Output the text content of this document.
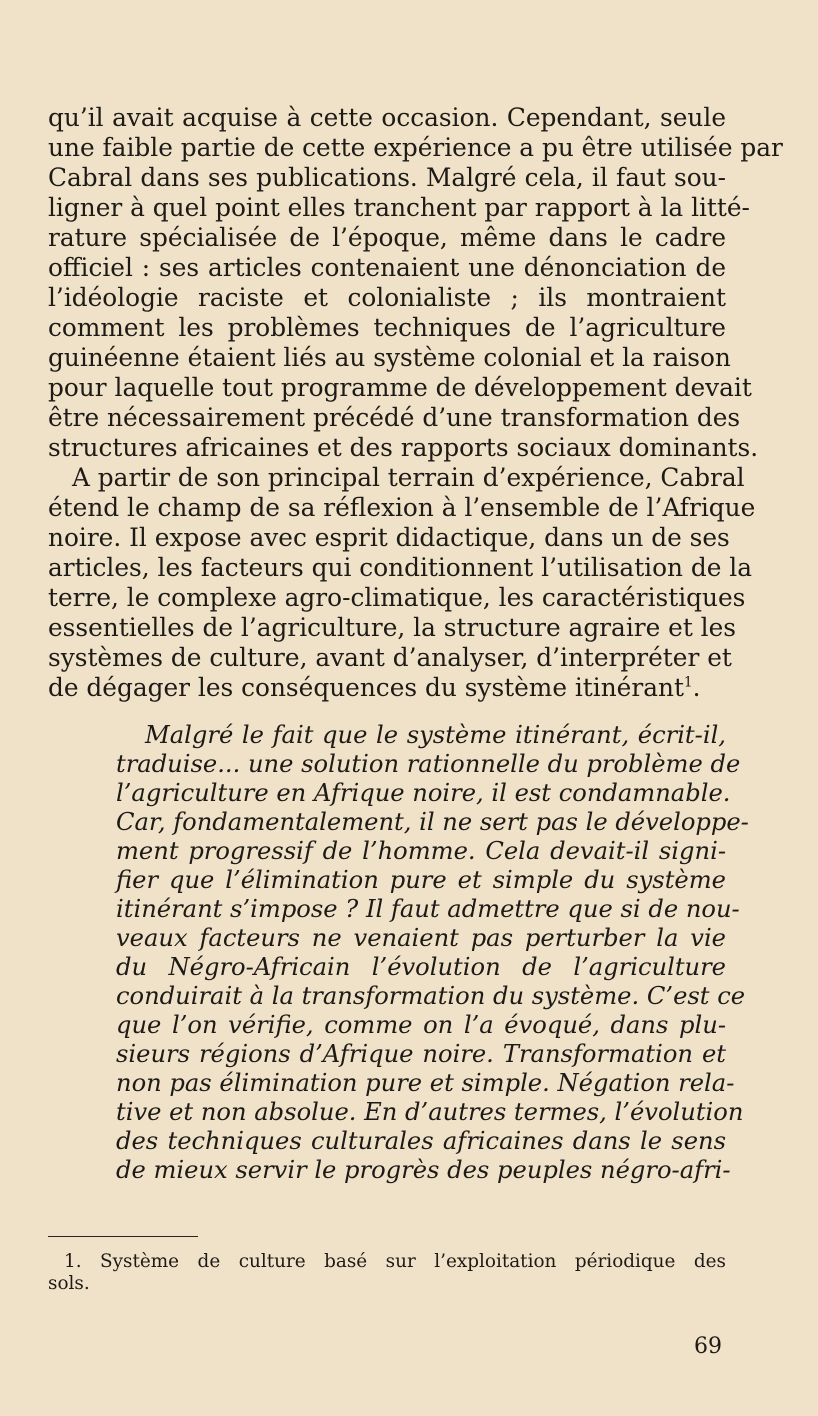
qu’il avait acquise à cette occasion. Cependant, seule

une faible partie de cette expérience a pu être utilisée par

Cabral dans ses publications. Malgré cela, il faut sou-

ligner à quel point elles tranchent par rapport à la litté-

rature spécialisée de l’époque, même dans le cadre

officiel : ses articles contenaient une dénonciation de

l’idéologie raciste et colonialiste ; ils montraient

comment les problèmes techniques de l’agriculture

guinéenne étaient liés au système colonial et la raison

pour laquelle tout programme de développement devait

être nécessairement précédé d’une transformation des

structures africaines et des rapports sociaux dominants.

A partir de son principal terrain d’expérience, Cabral

étend le champ de sa réflexion à l’ensemble de l’Afrique

noire. Il expose avec esprit didactique, dans un de ses

articles, les facteurs qui conditionnent l’utilisation de la

terre, le complexe agro-climatique, les caractéristiques

essentielles de l’agriculture, la structure agraire et les

systèmes de culture, avant d’analyser, d’interpréter et

de dégager les conséquences du système itinérant$^1$.

Malgré le fait que le système itinérant, écrit-il,

traduise... une solution rationnelle du problème de

l’agriculture en Afrique noire, il est condamnable.

Car, fondamentalement, il ne sert pas le développe-

ment progressif de l’homme. Cela devait-il signi-

fier que l’élimination pure et simple du système

itinérant s’impose ? Il faut admettre que si de nou-

veaux facteurs ne venaient pas perturber la vie

du Négro-Africain l’évolution de l’agriculture

conduirait à la transformation du système. C’est ce

que l’on vérifie, comme on l’a évoqué, dans plu-

sieurs régions d’Afrique noire. Transformation et

non pas élimination pure et simple. Négation rela-

tive et non absolue. En d’autres termes, l’évolution

des techniques culturales africaines dans le sens

de mieux servir le progrès des peuples négro-afri-

1. Système de culture basé sur l’exploitation périodique des

sols.

69
